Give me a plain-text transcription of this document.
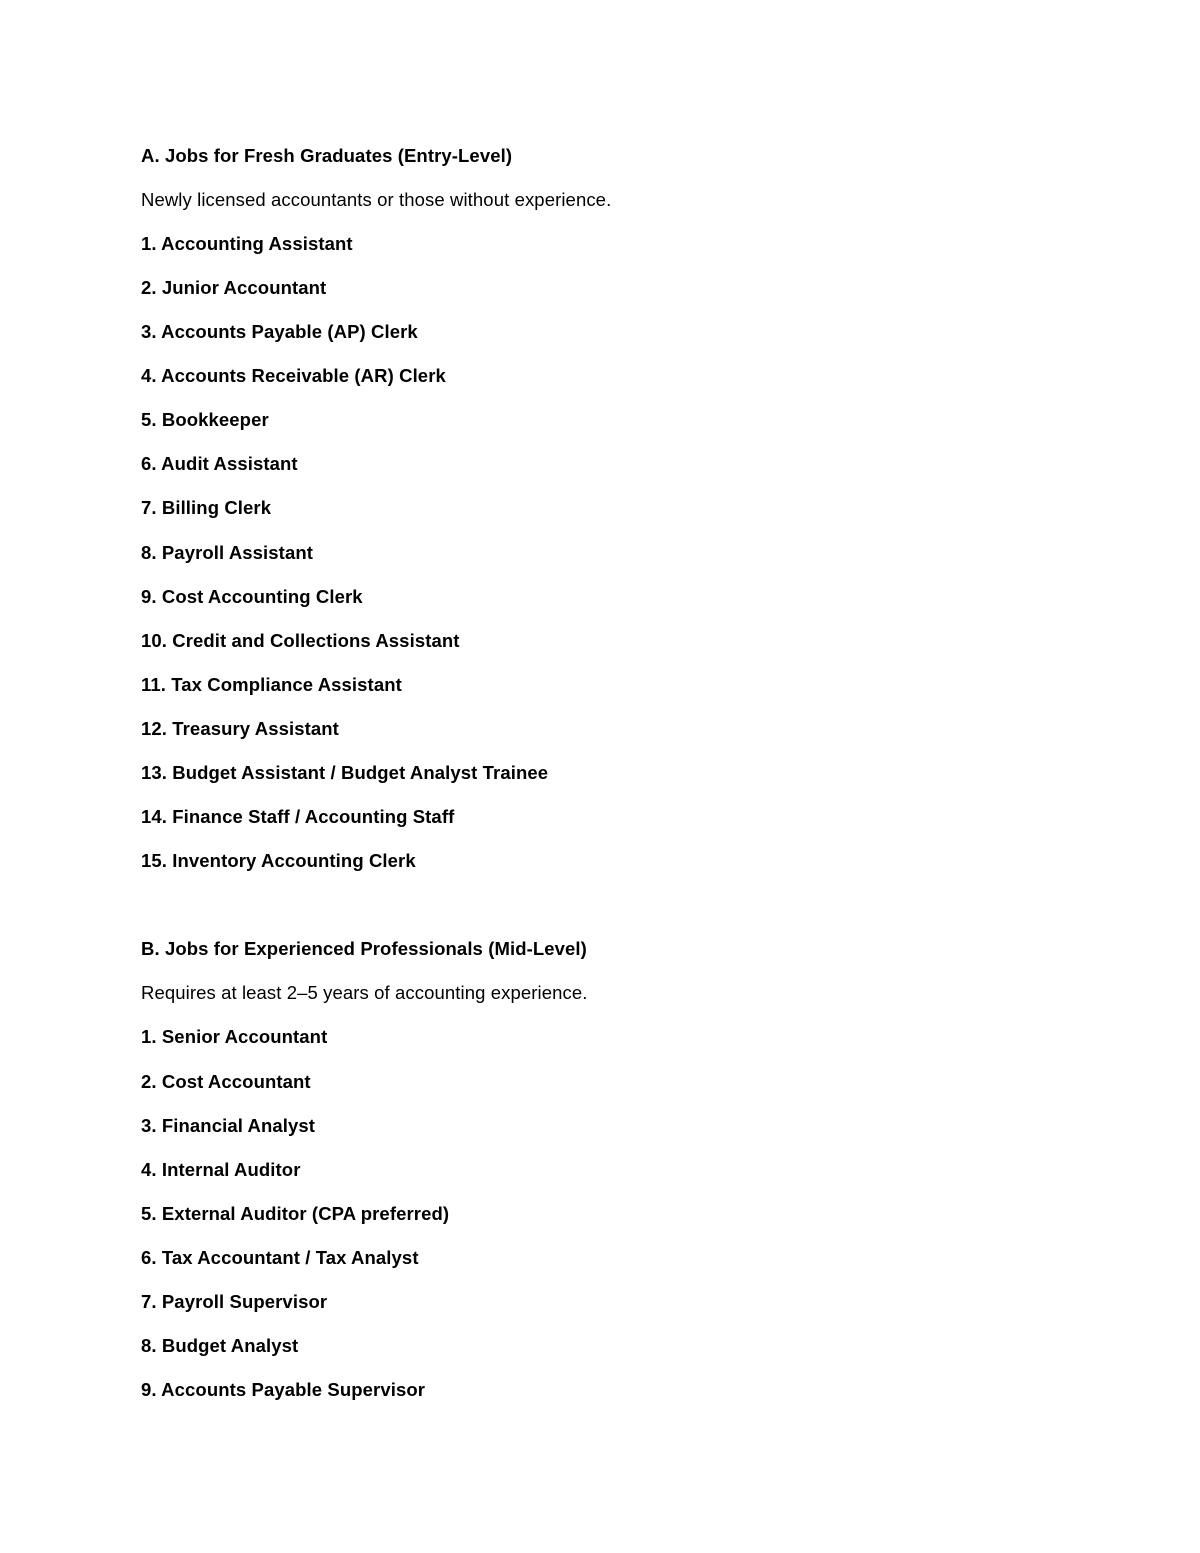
A. Jobs for Fresh Graduates (Entry-Level)
Newly licensed accountants or those without experience.
1. Accounting Assistant
2. Junior Accountant
3. Accounts Payable (AP) Clerk
4. Accounts Receivable (AR) Clerk
5. Bookkeeper
6. Audit Assistant
7. Billing Clerk
8. Payroll Assistant
9. Cost Accounting Clerk
10. Credit and Collections Assistant
11. Tax Compliance Assistant
12. Treasury Assistant
13. Budget Assistant / Budget Analyst Trainee
14. Finance Staff / Accounting Staff
15. Inventory Accounting Clerk
B. Jobs for Experienced Professionals (Mid-Level)
Requires at least 2–5 years of accounting experience.
1. Senior Accountant
2. Cost Accountant
3. Financial Analyst
4. Internal Auditor
5. External Auditor (CPA preferred)
6. Tax Accountant / Tax Analyst
7. Payroll Supervisor
8. Budget Analyst
9. Accounts Payable Supervisor
